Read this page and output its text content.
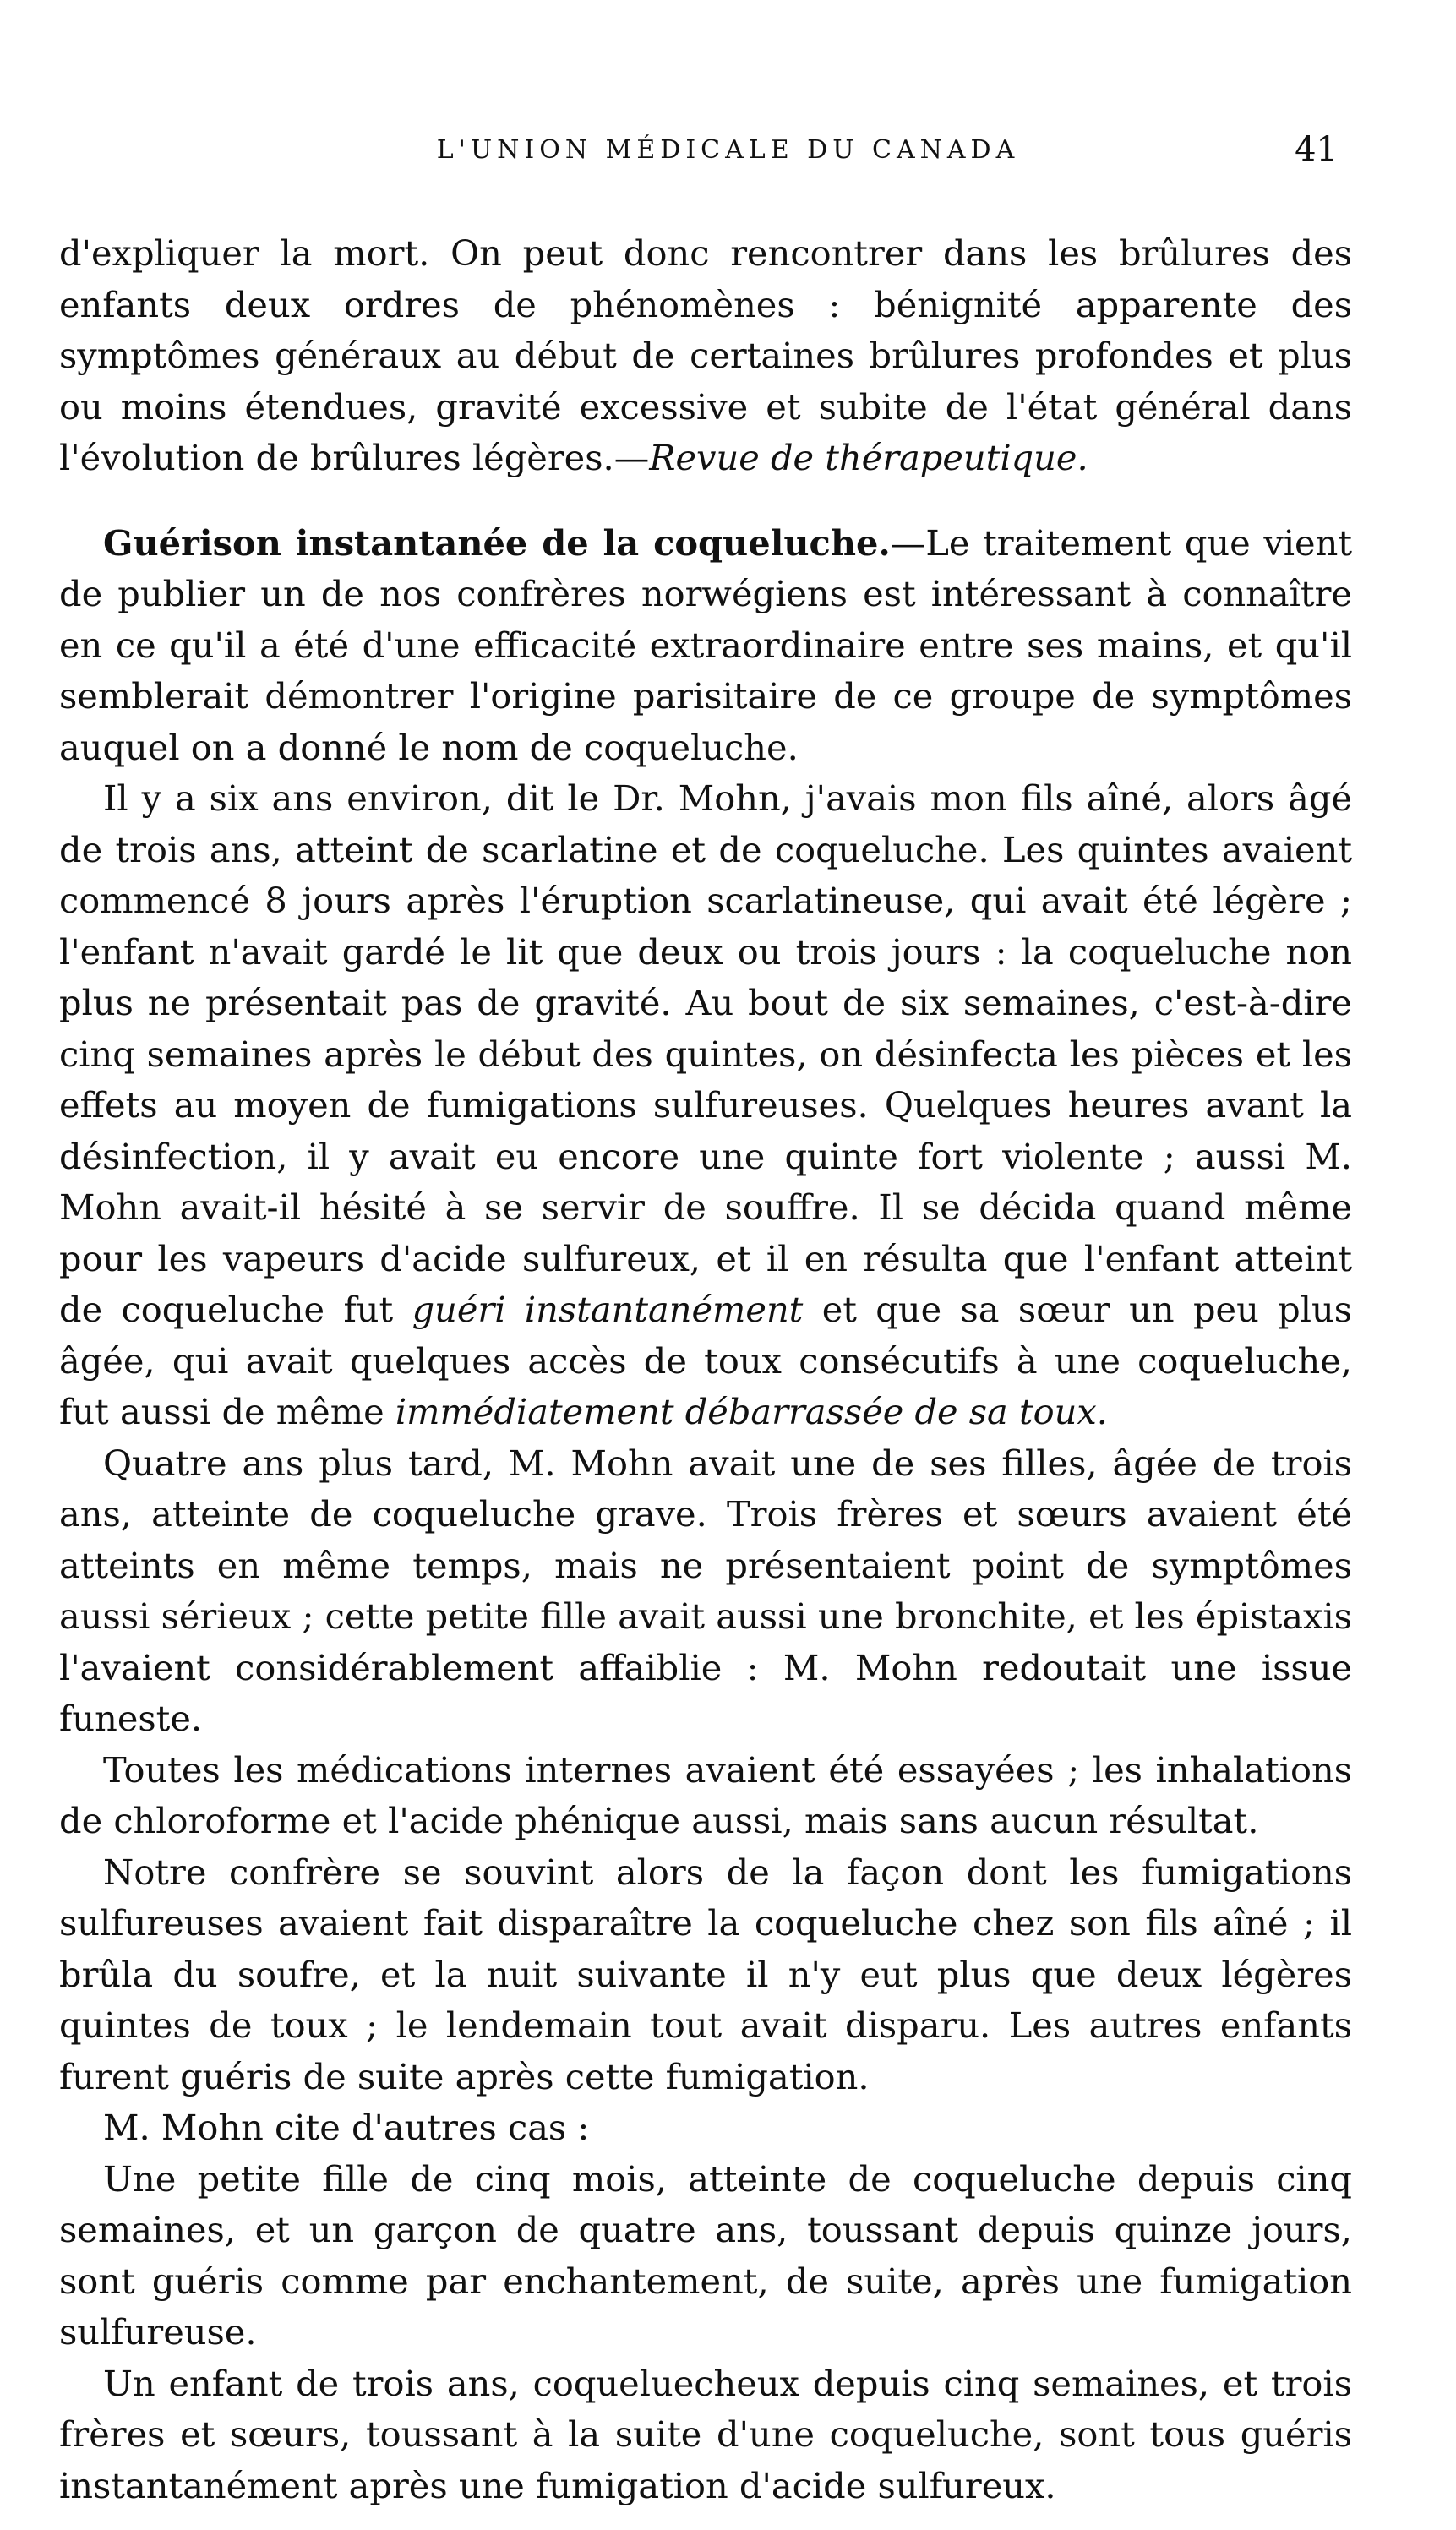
L'UNION MÉDICALE DU CANADA	41

d'expliquer la mort. On peut donc rencontrer dans les brûlures des enfants deux ordres de phénomènes : bénignité apparente des symptômes généraux au début de certaines brûlures profondes et plus ou moins étendues, gravité excessive et subite de l'état général dans l'évolution de brûlures légères.—Revue de thérapeutique.

Guérison instantanée de la coqueluche.—Le traitement que vient de publier un de nos confrères norwégiens est intéressant à connaître en ce qu'il a été d'une efficacité extraordinaire entre ses mains, et qu'il semblerait démontrer l'origine parisitaire de ce groupe de symptômes auquel on a donné le nom de coqueluche.

Il y a six ans environ, dit le Dr. Mohn, j'avais mon fils aîné, alors âgé de trois ans, atteint de scarlatine et de coqueluche. Les quintes avaient commencé 8 jours après l'éruption scarlatineuse, qui avait été légère ; l'enfant n'avait gardé le lit que deux ou trois jours : la coqueluche non plus ne présentait pas de gravité. Au bout de six semaines, c'est-à-dire cinq semaines après le début des quintes, on désinfecta les pièces et les effets au moyen de fumigations sulfureuses. Quelques heures avant la désinfection, il y avait eu encore une quinte fort violente ; aussi M. Mohn avait-il hésité à se servir de souffre. Il se décida quand même pour les vapeurs d'acide sulfureux, et il en résulta que l'enfant atteint de coqueluche fut guéri instantanément et que sa sœur un peu plus âgée, qui avait quelques accès de toux consécutifs à une coqueluche, fut aussi de même immédiatement débarrassée de sa toux.

Quatre ans plus tard, M. Mohn avait une de ses filles, âgée de trois ans, atteinte de coqueluche grave. Trois frères et sœurs avaient été atteints en même temps, mais ne présentaient point de symptômes aussi sérieux ; cette petite fille avait aussi une bronchite, et les épistaxis l'avaient considérablement affaiblie : M. Mohn redoutait une issue funeste.

Toutes les médications internes avaient été essayées ; les inhalations de chloroforme et l'acide phénique aussi, mais sans aucun résultat.

Notre confrère se souvint alors de la façon dont les fumigations sulfureuses avaient fait disparaître la coqueluche chez son fils aîné ; il brûla du soufre, et la nuit suivante il n'y eut plus que deux légères quintes de toux ; le lendemain tout avait disparu. Les autres enfants furent guéris de suite après cette fumigation.

M. Mohn cite d'autres cas :

Une petite fille de cinq mois, atteinte de coqueluche depuis cinq semaines, et un garçon de quatre ans, toussant depuis quinze jours, sont guéris comme par enchantement, de suite, après une fumigation sulfureuse.

Un enfant de trois ans, coqueluecheux depuis cinq semaines, et trois frères et sœurs, toussant à la suite d'une coqueluche, sont tous guéris instantanément après une fumigation d'acide sulfureux.
